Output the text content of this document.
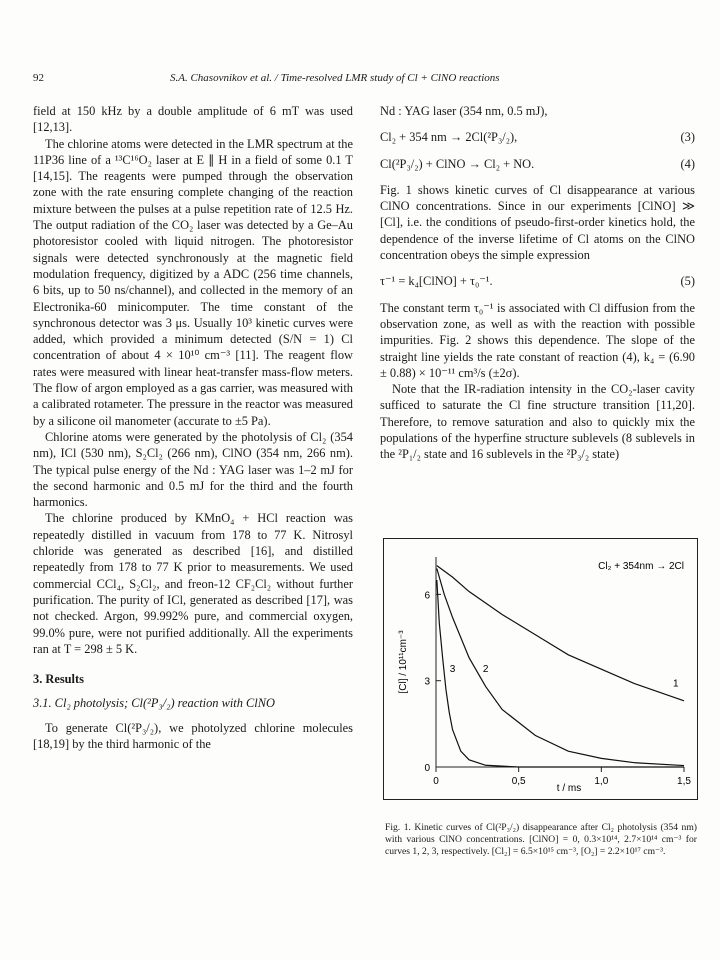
92	S.A. Chasovnikov et al. / Time-resolved LMR study of Cl + ClNO reactions

field at 150 kHz by a double amplitude of 6 mT was used [12,13].

The chlorine atoms were detected in the LMR spectrum at the 11P36 line of a ¹³C¹⁶O₂ laser at E ∥ H in a field of some 0.1 T [14,15]. The reagents were pumped through the observation zone with the rate ensuring complete changing of the reaction mixture between the pulses at a pulse repetition rate of 12.5 Hz. The output radiation of the CO₂ laser was detected by a Ge–Au photoresistor cooled with liquid nitrogen. The photoresistor signals were detected synchronously at the magnetic field modulation frequency, digitized by a ADC (256 time channels, 6 bits, up to 50 ns/channel), and collected in the memory of an Electronika-60 minicomputer. The time constant of the synchronous detector was 3 μs. Usually 10³ kinetic curves were added, which provided a minimum detected (S/N = 1) Cl concentration of about 4 × 10¹⁰ cm⁻³ [11]. The reagent flow rates were measured with linear heat-transfer mass-flow meters. The flow of argon employed as a gas carrier, was measured with a calibrated rotameter. The pressure in the reactor was measured by a silicone oil manometer (accurate to ±5 Pa).

Chlorine atoms were generated by the photolysis of Cl₂ (354 nm), ICl (530 nm), S₂Cl₂ (266 nm), ClNO (354 nm, 266 nm). The typical pulse energy of the Nd : YAG laser was 1–2 mJ for the second harmonic and 0.5 mJ for the third and the fourth harmonics.

The chlorine produced by KMnO₄ + HCl reaction was repeatedly distilled in vacuum from 178 to 77 K. Nitrosyl chloride was generated as described [16], and distilled repeatedly from 178 to 77 K prior to measurements. We used commercial CCl₄, S₂Cl₂, and freon-12 CF₂Cl₂ without further purification. The purity of ICl, generated as described [17], was not checked. Argon, 99.992% pure, and commercial oxygen, 99.0% pure, were not purified additionally. All the experiments ran at T = 298 ± 5 K.

3. Results
3.1. Cl₂ photolysis; Cl(²P₃/₂) reaction with ClNO

To generate Cl(²P₃/₂), we photolyzed chlorine molecules [18,19] by the third harmonic of the

Nd : YAG laser (354 nm, 0.5 mJ),

Cl₂ + 354 nm → 2Cl(²P₃/₂),	(3)
Cl(²P₃/₂) + ClNO → Cl₂ + NO.	(4)

Fig. 1 shows kinetic curves of Cl disappearance at various ClNO concentrations. Since in our experiments [ClNO] ≫ [Cl], i.e. the conditions of pseudo-first-order kinetics hold, the dependence of the inverse lifetime of Cl atoms on the ClNO concentration obeys the simple expression

τ⁻¹ = k₄[ClNO] + τ₀⁻¹.	(5)

The constant term τ₀⁻¹ is associated with Cl diffusion from the observation zone, as well as with the reaction with possible impurities. Fig. 2 shows this dependence. The slope of the straight line yields the rate constant of reaction (4), k₄ = (6.90 ± 0.88) × 10⁻¹¹ cm³/s (±2σ).

Note that the IR-radiation intensity in the CO₂-laser cavity sufficed to saturate the Cl fine structure transition [11,20]. Therefore, to remove saturation and also to quickly mix the populations of the hyperfine structure sublevels (8 sublevels in the ²P₁/₂ state and 16 sublevels in the ²P₃/₂ state)

0	0,5	1,0	1,5
0
3
6
1
2
3
Cl₂ + 354nm → 2Cl
t / ms
[Cl] / 10¹¹cm⁻³
Fig. 1. Kinetic curves of Cl(²P₃/₂) disappearance after Cl₂ photolysis (354 nm) with various ClNO concentrations. [ClNO] = 0, 0.3×10¹⁴, 2.7×10¹⁴ cm⁻³ for curves 1, 2, 3, respectively. [Cl₂] = 6.5×10¹⁵ cm⁻³, [O₂] = 2.2×10¹⁷ cm⁻³.
